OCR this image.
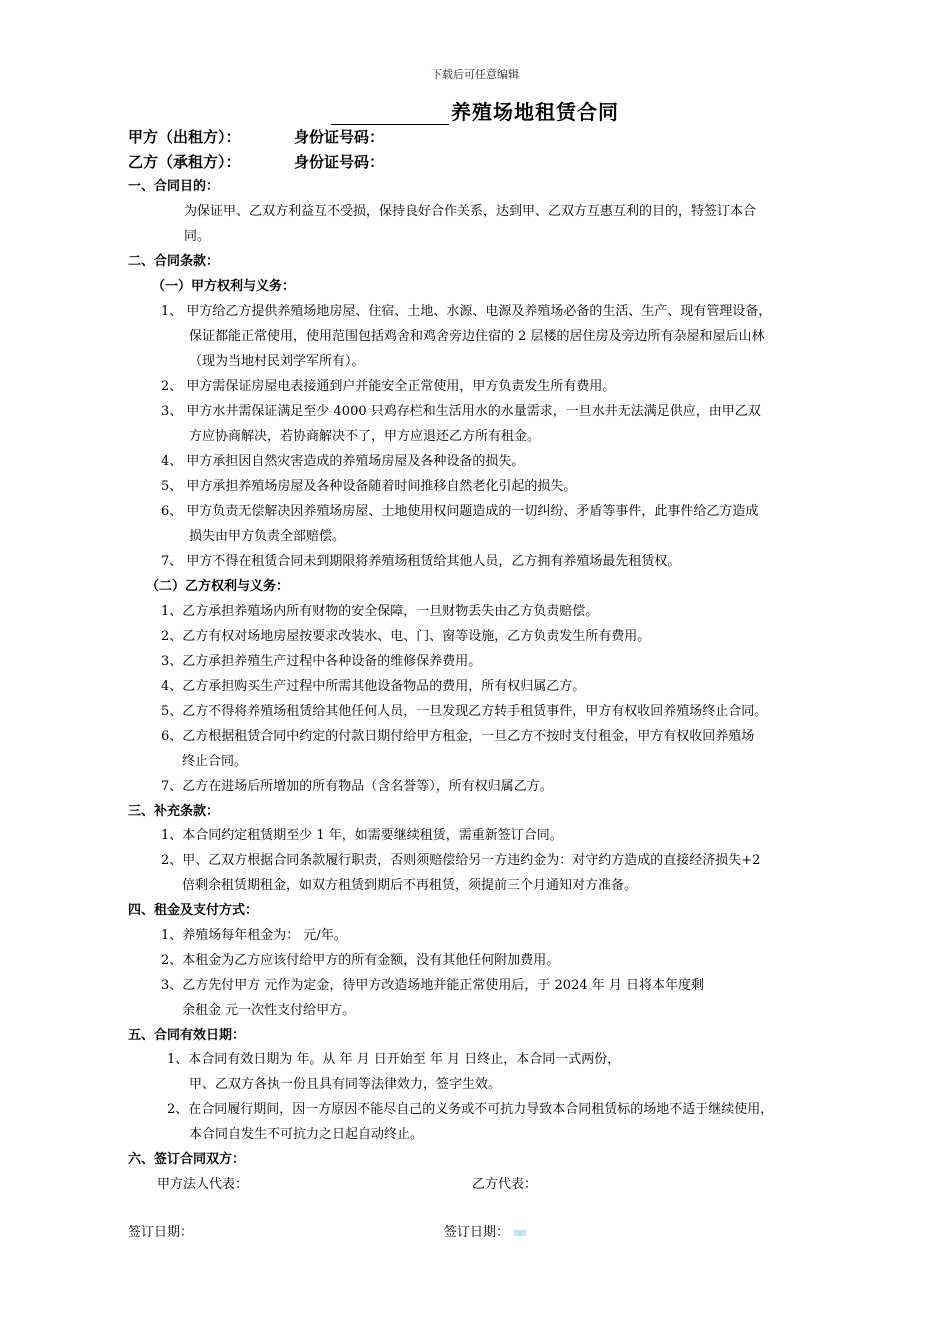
下载后可任意编辑
养殖场地租赁合同
甲方（出租方）：	身份证号码：
乙方（承租方）：	身份证号码：
一、合同目的：
为保证甲、乙双方利益互不受损，保持良好合作关系，达到甲、乙双方互惠互利的目的，特签订本合
同。
二、合同条款：
（一）甲方权利与义务：
1、 甲方给乙方提供养殖场地房屋、住宿、土地、水源、电源及养殖场必备的生活、生产、现有管理设备，
保证都能正常使用，使用范围包括鸡舍和鸡舍旁边住宿的 2 层楼的居住房及旁边所有杂屋和屋后山林
（现为当地村民刘学军所有）。
2、 甲方需保证房屋电表接通到户并能安全正常使用，甲方负责发生所有费用。
3、 甲方水井需保证满足至少 4000 只鸡存栏和生活用水的水量需求，一旦水井无法满足供应，由甲乙双
方应协商解决，若协商解决不了，甲方应退还乙方所有租金。
4、 甲方承担因自然灾害造成的养殖场房屋及各种设备的损失。
5、 甲方承担养殖场房屋及各种设备随着时间推移自然老化引起的损失。
6、 甲方负责无偿解决因养殖场房屋、土地使用权问题造成的一切纠纷、矛盾等事件，此事件给乙方造成
损失由甲方负责全部赔偿。
7、 甲方不得在租赁合同未到期限将养殖场租赁给其他人员，乙方拥有养殖场最先租赁权。
（二）乙方权利与义务：
1、乙方承担养殖场内所有财物的安全保障，一旦财物丢失由乙方负责赔偿。
2、乙方有权对场地房屋按要求改装水、电、门、窗等设施，乙方负责发生所有费用。
3、乙方承担养殖生产过程中各种设备的维修保养费用。
4、乙方承担购买生产过程中所需其他设备物品的费用，所有权归属乙方。
5、乙方不得将养殖场租赁给其他任何人员，一旦发现乙方转手租赁事件，甲方有权收回养殖场终止合同。
6、乙方根据租赁合同中约定的付款日期付给甲方租金，一旦乙方不按时支付租金，甲方有权收回养殖场
终止合同。
7、乙方在进场后所增加的所有物品（含名誉等），所有权归属乙方。
三、补充条款：
1、本合同约定租赁期至少 1 年，如需要继续租赁，需重新签订合同。
2、甲、乙双方根据合同条款履行职责，否则须赔偿给另一方违约金为：对守约方造成的直接经济损失+2
倍剩余租赁期租金，如双方租赁到期后不再租赁，须提前三个月通知对方准备。
四、租金及支付方式：
1、养殖场每年租金为： 元/年。
2、本租金为乙方应该付给甲方的所有金额，没有其他任何附加费用。
3、乙方先付甲方 元作为定金，待甲方改造场地并能正常使用后，于 2024 年 月 日将本年度剩
余租金 元一次性支付给甲方。
五、合同有效日期：
1、本合同有效日期为 年。从 年 月 日开始至 年 月 日终止，本合同一式两份，
甲、乙双方各执一份且具有同等法律效力，签字生效。
2、在合同履行期间，因一方原因不能尽自己的义务或不可抗力导致本合同租赁标的场地不适于继续使用，
本合同自发生不可抗力之日起自动终止。
六、签订合同双方：
甲方法人代表：	乙方代表：
签订日期：	签订日期：
